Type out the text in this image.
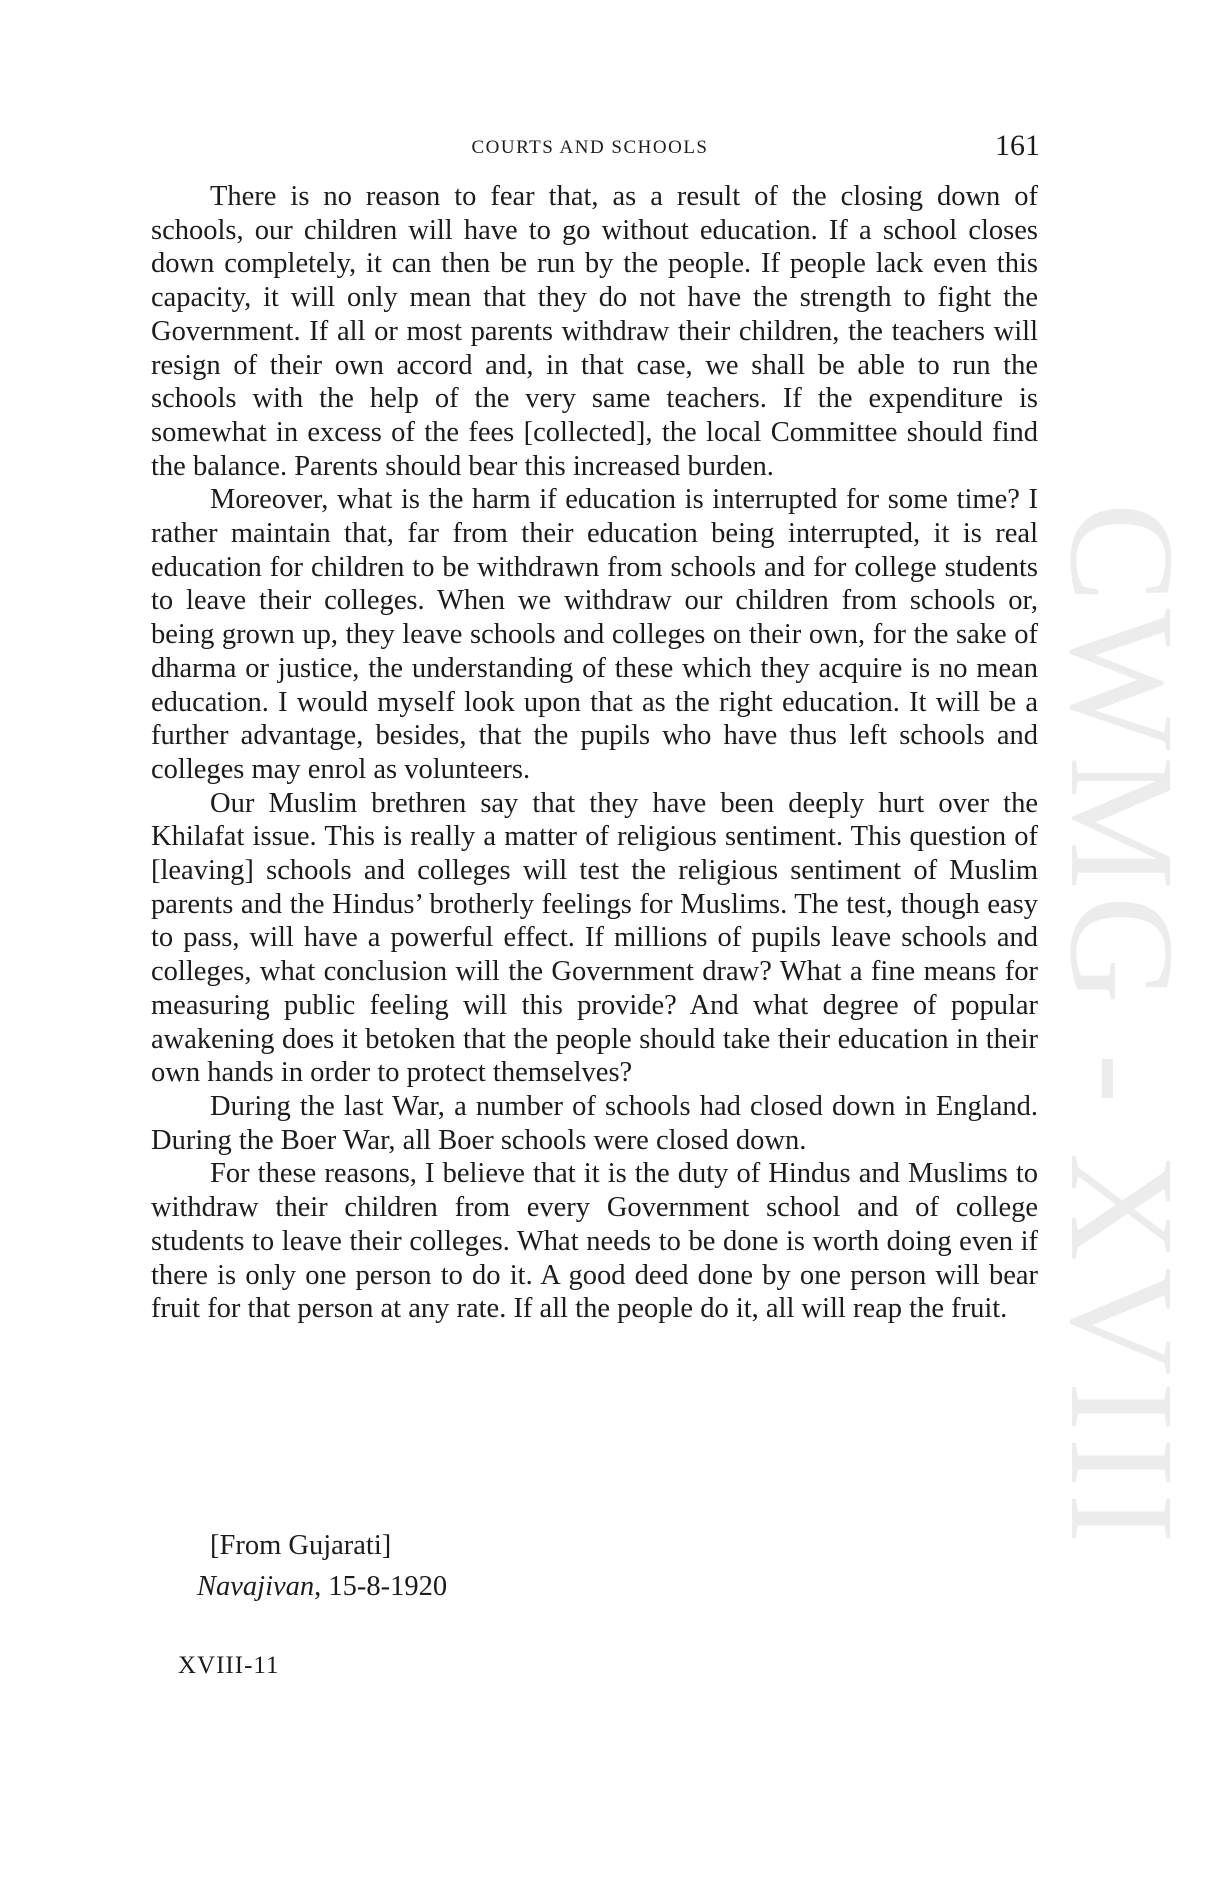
CWMG - XVIII
COURTS AND SCHOOLS	161

There is no reason to fear that, as a result of the closing down of schools, our children will have to go without education. If a school closes down completely, it can then be run by the people. If people lack even this capacity, it will only mean that they do not have the strength to fight the Government. If all or most parents withdraw their children, the teachers will resign of their own accord and, in that case, we shall be able to run the schools with the help of the very same teachers. If the expenditure is somewhat in excess of the fees [collected], the local Committee should find the balance. Parents should bear this increased burden.

Moreover, what is the harm if education is interrupted for some time? I rather maintain that, far from their education being interrupted, it is real education for children to be withdrawn from schools and for college students to leave their colleges. When we withdraw our children from schools or, being grown up, they leave schools and colleges on their own, for the sake of dharma or justice, the understanding of these which they acquire is no mean education. I would myself look upon that as the right education. It will be a further advantage, besides, that the pupils who have thus left schools and colleges may enrol as volunteers.

Our Muslim brethren say that they have been deeply hurt over the Khilafat issue. This is really a matter of religious sentiment. This question of [leaving] schools and colleges will test the religious sentiment of Muslim parents and the Hindus’ brotherly feelings for Muslims. The test, though easy to pass, will have a powerful effect. If millions of pupils leave schools and colleges, what conclusion will the Government draw? What a fine means for measuring public feeling will this provide? And what degree of popular awakening does it betoken that the people should take their education in their own hands in order to protect themselves?

During the last War, a number of schools had closed down in England. During the Boer War, all Boer schools were closed down.

For these reasons, I believe that it is the duty of Hindus and Muslims to withdraw their children from every Government school and of college students to leave their colleges. What needs to be done is worth doing even if there is only one person to do it. A good deed done by one person will bear fruit for that person at any rate. If all the people do it, all will reap the fruit.

[From Gujarati]
Navajivan, 15-8-1920
XVIII-11
